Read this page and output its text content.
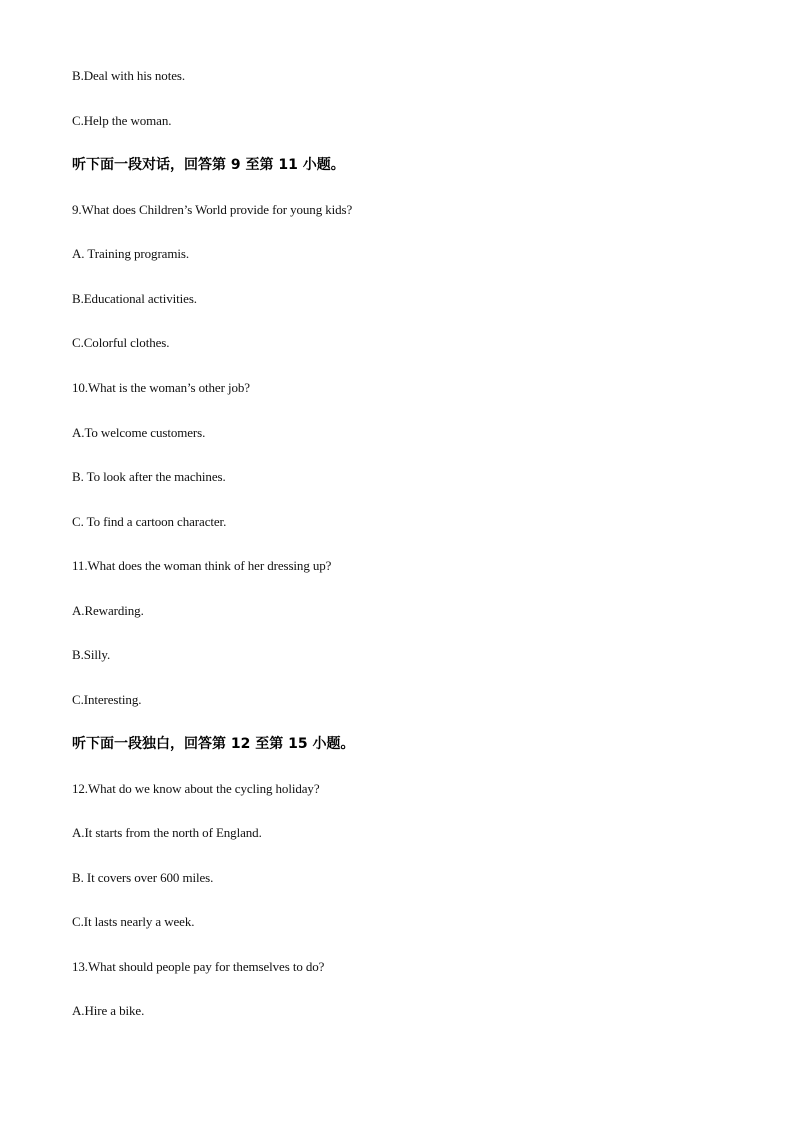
B.Deal with his notes.
C.Help the woman.
听下面一段对话，回答第 9 至第 11 小题。
9.What does Children’s World provide for young kids?
A. Training programis.
B.Educational activities.
C.Colorful clothes.
10.What is the woman’s other job?
A.To welcome customers.
B. To look after the machines.
C. To find a cartoon character.
11.What does the woman think of her dressing up?
A.Rewarding.
B.Silly.
C.Interesting.
听下面一段独白，回答第 12 至第 15 小题。
12.What do we know about the cycling holiday?
A.It starts from the north of England.
B. It covers over 600 miles.
C.It lasts nearly a week.
13.What should people pay for themselves to do?
A.Hire a bike.
